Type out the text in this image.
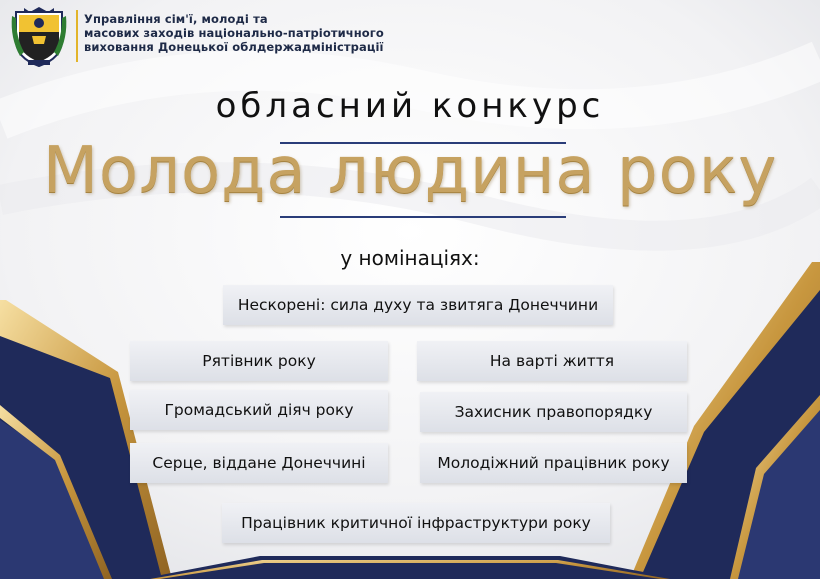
Управління сім'ї, молоді та
масових заходів національно-патріотичного
виховання Донецької облдержадміністрації
обласний конкурс
Молода людина року
у номінаціях:
Нескорені: сила духу та звитяга Донеччини
Рятівник року	На варті життя
Громадський діяч року	Захисник правопорядку
Серце, віддане Донеччині	Молодіжний працівник року
Працівник критичної інфраструктури року
